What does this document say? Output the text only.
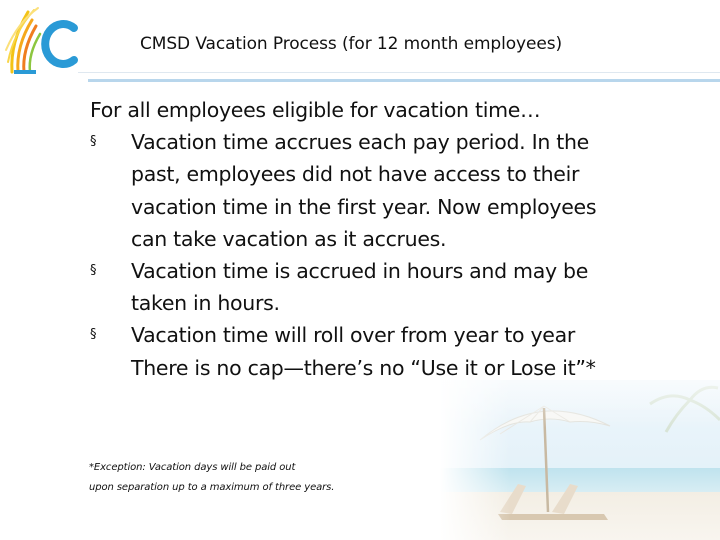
CMSD Vacation Process (for 12 month employees)
For all employees eligible for vacation time…
§ Vacation time accrues each pay period. In the
past, employees did not have access to their
vacation time in the first year. Now employees
can take vacation as it accrues.
§ Vacation time is accrued in hours and may be
taken in hours.
§ Vacation time will roll over from year to year
There is no cap—there’s no “Use it or Lose it”*
*Exception: Vacation days will be paid out
upon separation up to a maximum of three years.
